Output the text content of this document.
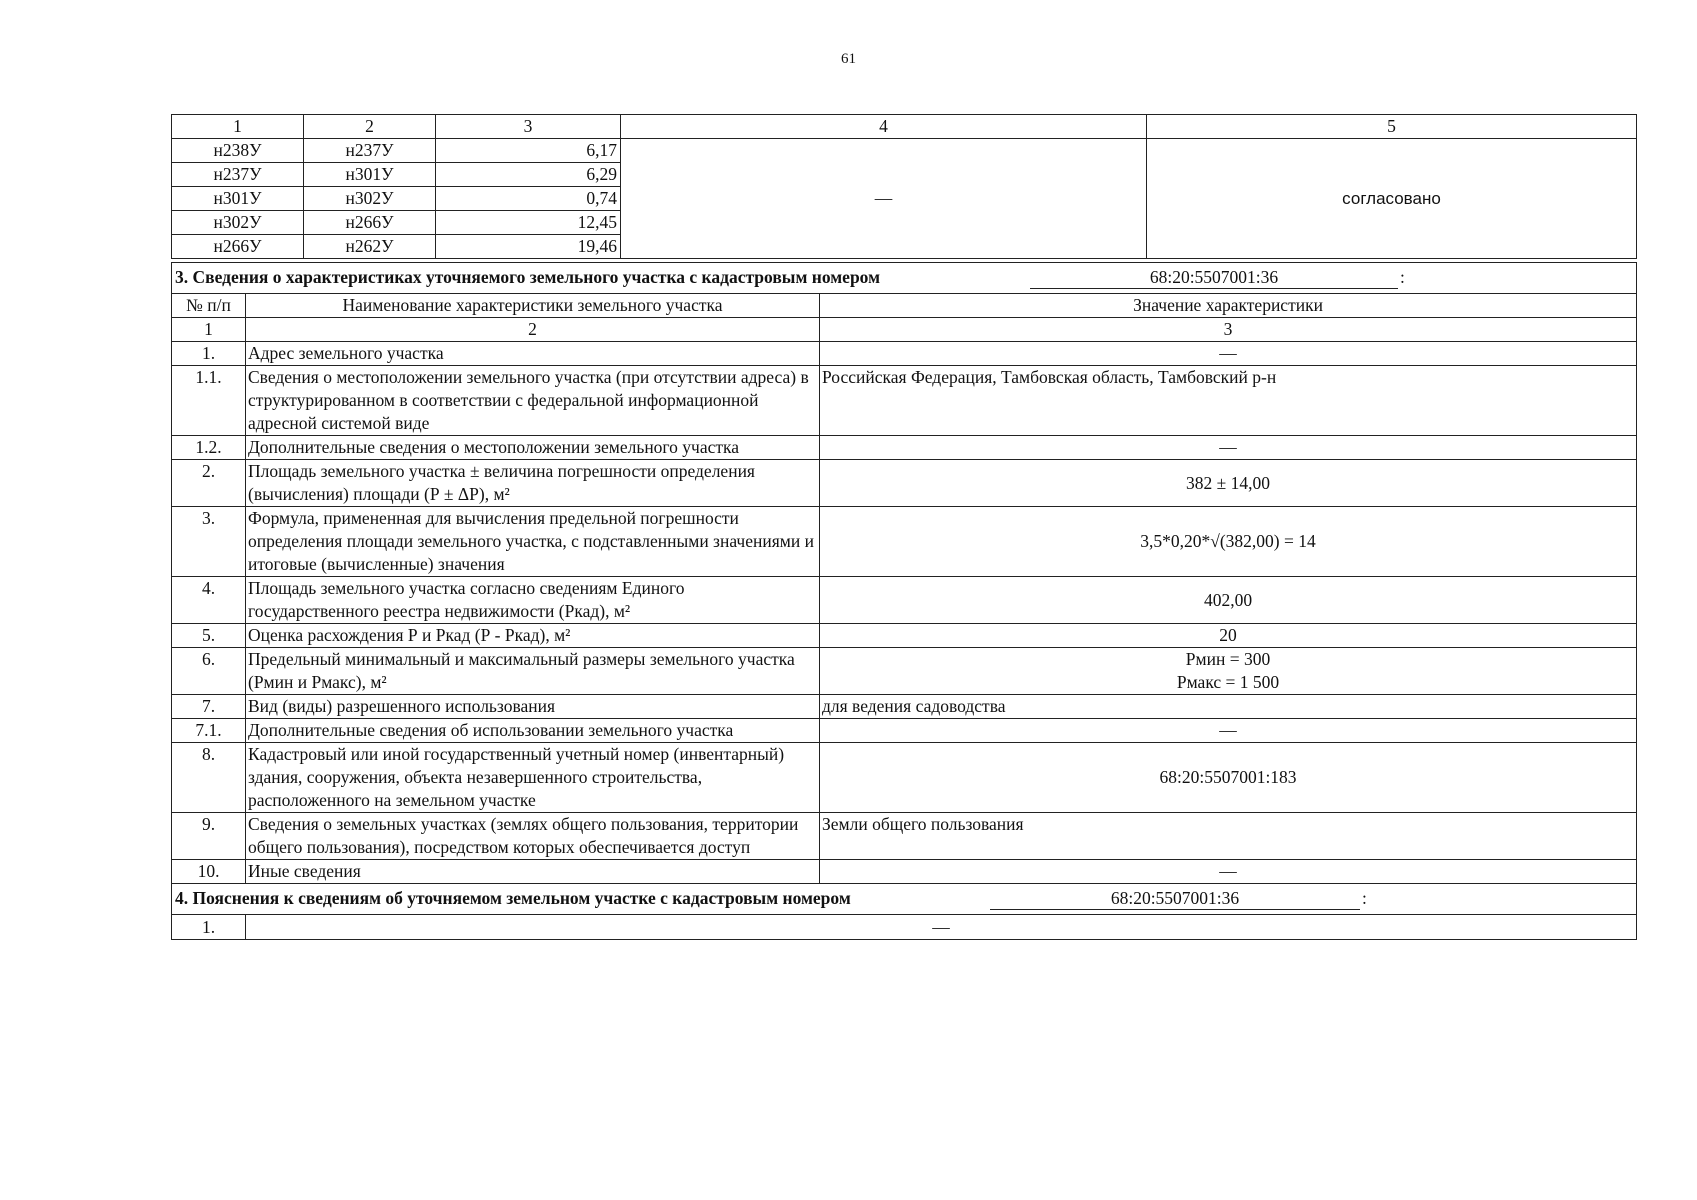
61
1	2	3	4	5
н238У	н237У	6,17	—	согласовано
н237У	н301У	6,29		
н301У	н302У	0,74		
н302У	н266У	12,45		
н266У	н262У	19,46		
3. Сведения о характеристиках уточняемого земельного участка с кадастровым номером 68:20:5507001:36 :		

№ п/п	Наименование характеристики земельного участка	Значение характеристики
1	2	3
1.	Адрес земельного участка	—
1.1.	Сведения о местоположении земельного участка (при отсутствии адреса) в структурированном в соответствии с федеральной информационной адресной системой виде	Российская Федерация, Тамбовская область, Тамбовский р-н
1.2.	Дополнительные сведения о местоположении земельного участка	—
2.	Площадь земельного участка ± величина погрешности определения (вычисления) площади (Р ± ΔР), м²	382 ± 14,00
3.	Формула, примененная для вычисления предельной погрешности определения площади земельного участка, с подставленными значениями и итоговые (вычисленные) значения	3,5*0,20*√(382,00) = 14
4.	Площадь земельного участка согласно сведениям Единого государственного реестра недвижимости (Ркад), м²	402,00
5.	Оценка расхождения Р и Ркад (Р - Ркад), м²	20
6.	Предельный минимальный и максимальный размеры земельного участка (Рмин и Рмакс), м²	Рмин = 300
Рмакс = 1 500

7.	Вид (виды) разрешенного использования	для ведения садоводства
7.1.	Дополнительные сведения об использовании земельного участка	—
8.	Кадастровый или иной государственный учетный номер (инвентарный) здания, сооружения, объекта незавершенного строительства, расположенного на земельном участке	68:20:5507001:183
9.	Сведения о земельных участках (землях общего пользования, территории общего пользования), посредством которых обеспечивается доступ	Земли общего пользования
10.	Иные сведения	—

4. Пояснения к сведениям об уточняемом земельном участке с кадастровым номером 68:20:5507001:36 :		

1.	—	
